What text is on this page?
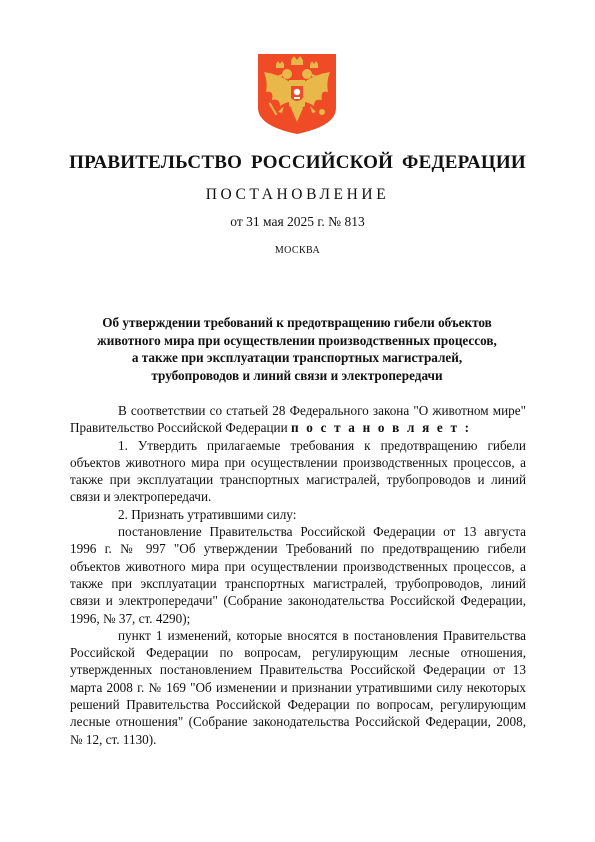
ПРАВИТЕЛЬСТВО РОССИЙСКОЙ ФЕДЕРАЦИИ
ПОСТАНОВЛЕНИЕ
от 31 мая 2025 г. № 813
МОСКВА
Об утверждении требований к предотвращению гибели объектов
животного мира при осуществлении производственных процессов,
а также при эксплуатации транспортных магистралей,
трубопроводов и линий связи и электропередачи

В соответствии со статьей 28 Федерального закона "О животном мире" Правительство Российской Федерации п о с т а н о в л я е т :

1. Утвердить прилагаемые требования к предотвращению гибели объектов животного мира при осуществлении производственных процессов, а также при эксплуатации транспортных магистралей, трубопроводов и линий связи и электропередачи.

2. Признать утратившими силу:

постановление Правительства Российской Федерации от 13 августа 1996 г. № 997 "Об утверждении Требований по предотвращению гибели объектов животного мира при осуществлении производственных процессов, а также при эксплуатации транспортных магистралей, трубопроводов, линий связи и электропередачи" (Собрание законодательства Российской Федерации, 1996, № 37, ст. 4290);

пункт 1 изменений, которые вносятся в постановления Правительства Российской Федерации по вопросам, регулирующим лесные отношения, утвержденных постановлением Правительства Российской Федерации от 13 марта 2008 г. № 169 "Об изменении и признании утратившими силу некоторых решений Правительства Российской Федерации по вопросам, регулирующим лесные отношения" (Собрание законодательства Российской Федерации, 2008, № 12, ст. 1130).
